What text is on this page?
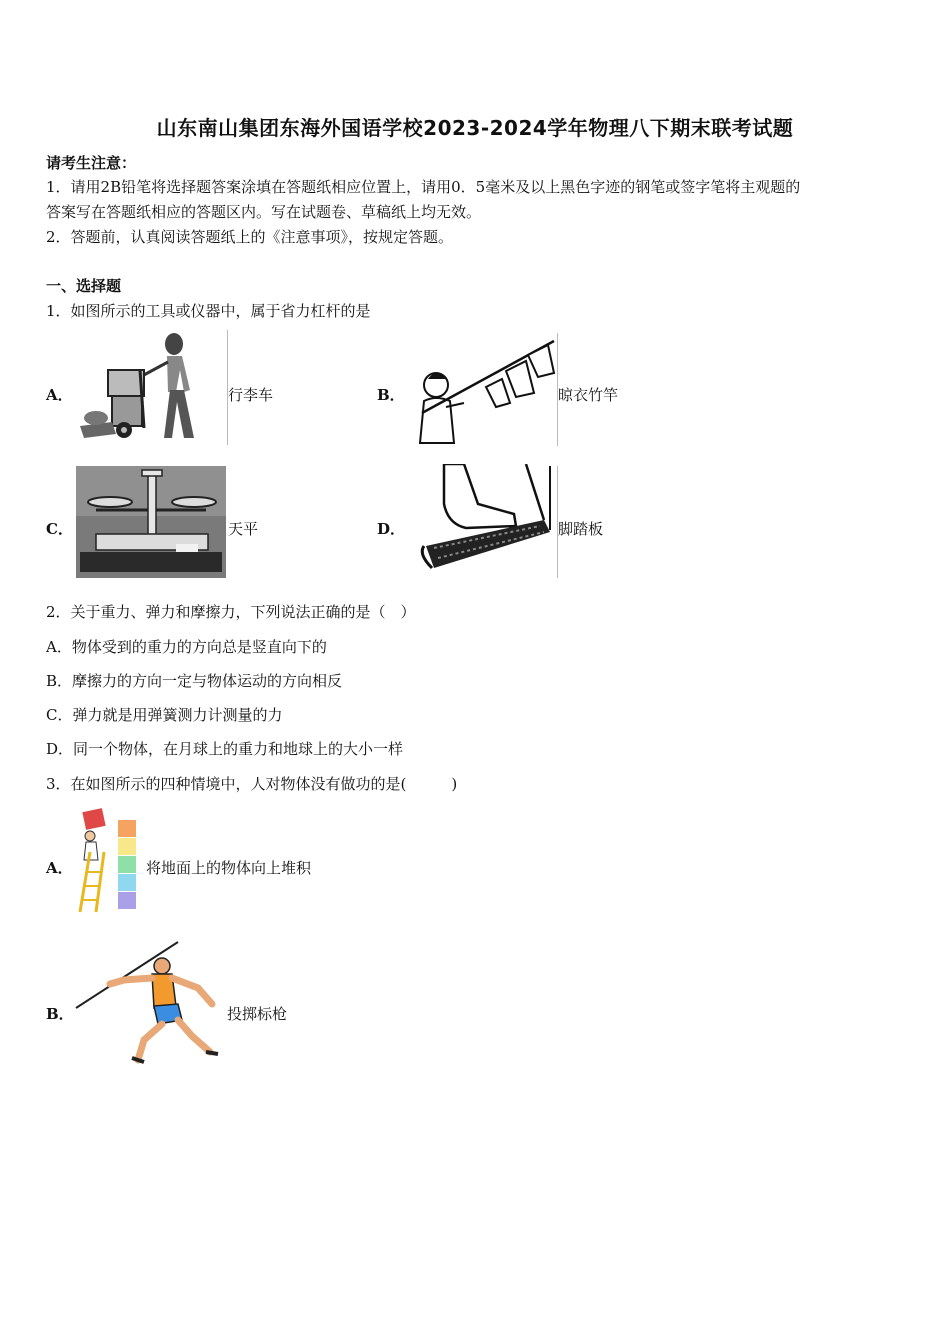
山东南山集团东海外国语学校2023-2024学年物理八下期末联考试题
请考生注意：
1．请用2B铅笔将选择题答案涂填在答题纸相应位置上，请用0．5毫米及以上黑色字迹的钢笔或签字笔将主观题的
答案写在答题纸相应的答题区内。写在试题卷、草稿纸上均无效。
2．答题前，认真阅读答题纸上的《注意事项》，按规定答题。
一、选择题
1．如图所示的工具或仪器中，属于省力杠杆的是
A．	行李车	B．	晾衣竹竿
C．	天平	D．	脚踏板
2．关于重力、弹力和摩擦力，下列说法正确的是（　）
A．物体受到的重力的方向总是竖直向下的
B．摩擦力的方向一定与物体运动的方向相反
C．弹力就是用弹簧测力计测量的力
D．同一个物体，在月球上的重力和地球上的大小一样
3．在如图所示的四种情境中，人对物体没有做功的是(　　　)
A．	将地面上的物体向上堆积
B．	投掷标枪
